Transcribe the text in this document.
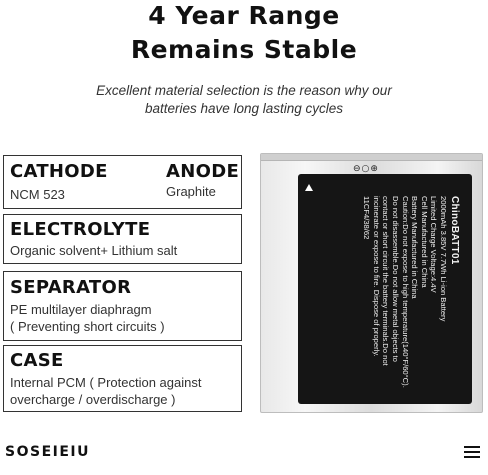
4 Year Range
Remains Stable
Excellent material selection is the reason why our
batteries have long lasting cycles
CATHODE
NCM 523
ANODE
Graphite
ELECTROLYTE
Organic solvent+ Lithium salt
SEPARATOR
PE multilayer diaphragm
( Preventing short circuits )
CASE
Internal PCM ( Protection against
overcharge / overdischarge )
⊖○⊕
ChinoBATT01
2000mAh 3.85V 7.7Wh Li-ion Battery
Limited Charge Voltage:4.4V
Cell Manufactured in China
Battery Manufactured in China
Caution:Do not expose to high temperature(140°F/60°C).
Do not disassemble.Do not allow metal objects to
contact or short circuit the battery terminals.Do not
incinerate or expose to fire. Dispose of properly.
11CF4/38/62
SOSEIEIU
